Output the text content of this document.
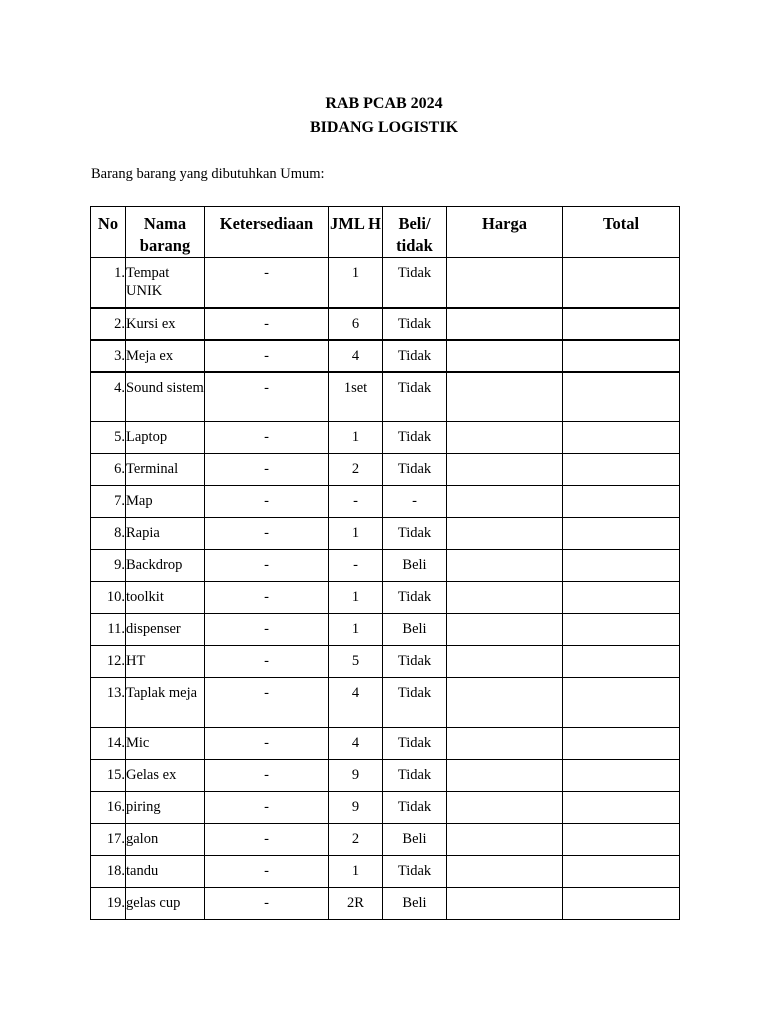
RAB PCAB 2024
BIDANG LOGISTIK
Barang barang yang dibutuhkan Umum:
No	Nama barang	Ketersediaan	JML H	Beli/ tidak	Harga	Total
1.	Tempat UNIK	-	1	Tidak		
2.	Kursi ex	-	6	Tidak		
3.	Meja ex	-	4	Tidak		
4.	Sound sistem	-	1set	Tidak		
5.	Laptop	-	1	Tidak		
6.	Terminal	-	2	Tidak		
7.	Map	-	-	-		
8.	Rapia	-	1	Tidak		
9.	Backdrop	-	-	Beli		
10.	toolkit	-	1	Tidak		
11.	dispenser	-	1	Beli		
12.	HT	-	5	Tidak		
13.	Taplak meja	-	4	Tidak		
14.	Mic	-	4	Tidak		
15.	Gelas ex	-	9	Tidak		
16.	piring	-	9	Tidak		
17.	galon	-	2	Beli		
18.	tandu	-	1	Tidak		
19.	gelas cup	-	2R	Beli		
